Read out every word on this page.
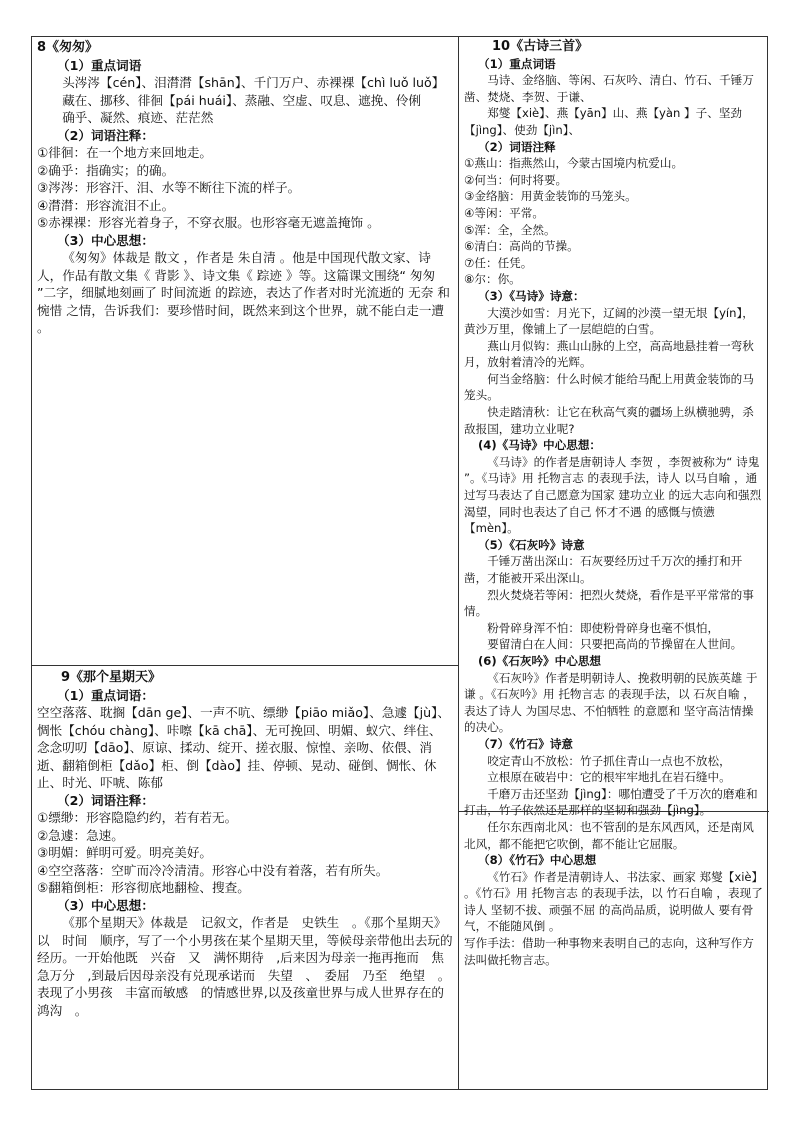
8《匆匆》
（1）重点词语
头涔涔【cén】、泪潸潸【shān】、千门万户、赤裸裸【chì luǒ luǒ】
藏在、挪移、徘徊【pái huái】、蒸融、空虚、叹息、遮挽、伶俐
确乎、凝然、痕迹、茫茫然
（2）词语注释：
①徘徊：在一个地方来回地走。
②确乎：指确实；的确。
③涔涔：形容汗、泪、水等不断往下流的样子。
④潸潸：形容流泪不止。
⑤赤裸裸：形容光着身子，不穿衣服。也形容毫无遮盖掩饰 。
（3）中心思想：
《匆匆》体裁是 散文 ，作者是 朱自清 。他是中国现代散文家、诗人，作品有散文集《 背影 》、诗文集《 踪迹 》等。这篇课文围绕“ 匆匆 ”二字，细腻地刻画了 时间流逝 的踪迹，表达了作者对时光流逝的 无奈 和 惋惜 之情，告诉我们：要珍惜时间，既然来到这个世界，就不能白走一遭 。
9《那个星期天》
（1）重点词语：
空空落落、耽搁【dān ge】、一声不吭、缥缈【piāo miǎo】、急遽【jù】、
惆怅【chóu chàng】、咔嚓【kā chā】、无可挽回、明媚、蚁穴、绊住、
念念叨叨【dāo】、原谅、揉动、绽开、搓衣服、惊惶、亲吻、依偎、消逝、翻箱倒柜【dǎo】柜、倒【dào】挂、停顿、晃动、碰倒、惆怅、休止、时光、吓唬、陈郁
（2）词语注释：
①缥缈：形容隐隐约约，若有若无。
②急遽：急速。
③明媚：鲜明可爱。明亮美好。
④空空落落：空旷而冷冷清清。形容心中没有着落，若有所失。
⑤翻箱倒柜：形容彻底地翻检、搜查。
（3）中心思想：
《那个星期天》体裁是　记叙文，作者是　史铁生　。《那个星期天》以　时间　顺序，写了一个小男孩在某个星期天里，等候母亲带他出去玩的经历。一开始他既　兴奋　又　满怀期待　,后来因为母亲一拖再拖而　焦急万分　,到最后因母亲没有兑现承诺而　失望　、　委屈　乃至　绝望　。表现了小男孩　丰富而敏感　的情感世界,以及孩童世界与成人世界存在的鸿沟　。
10《古诗三首》
（1）重点词语
马诗、金络脑、等闲、石灰吟、清白、竹石、千锤万凿、焚烧、李贺、于谦、
郑燮【xiè】、燕【yān】山、燕【yàn 】子、坚劲【jìng】、使劲【jìn】、
（2）词语注释
①燕山：指燕然山，今蒙古国境内杭爱山。
②何当：何时将要。
③金络脑：用黄金装饰的马笼头。
④等闲：平常。
⑤浑：全，全然。
⑥清白：高尚的节操。
⑦任：任凭。
⑧尔：你。
（3）《马诗》诗意：
大漠沙如雪：月光下，辽阔的沙漠一望无垠【yín】，黄沙万里，像铺上了一层皑皑的白雪。
燕山月似钩：燕山山脉的上空，高高地悬挂着一弯秋月，放射着清冷的光辉。
何当金络脑：什么时候才能给马配上用黄金装饰的马笼头。
快走踏清秋：让它在秋高气爽的疆场上纵横驰骋，杀敌报国，建功立业呢?
(4)《马诗》中心思想：
《马诗》的作者是唐朝诗人 李贺 ，李贺被称为“ 诗鬼 ”。《马诗》用 托物言志 的表现手法，诗人 以马自喻 ，通过写马表达了自己愿意为国家 建功立业 的远大志向和强烈渴望，同时也表达了自己 怀才不遇 的感慨与愤懑【mèn】。
（5）《石灰吟》诗意
千锤万凿出深山：石灰要经历过千万次的捶打和开凿，才能被开采出深山。
烈火焚烧若等闲：把烈火焚烧，看作是平平常常的事情。
粉骨碎身浑不怕：即使粉骨碎身也毫不惧怕，
要留清白在人间：只要把高尚的节操留在人世间。
(6)《石灰吟》中心思想
《石灰吟》作者是明朝诗人、挽救明朝的民族英雄 于谦 。《石灰吟》用 托物言志 的表现手法，以 石灰自喻 ，表达了诗人 为国尽忠、不怕牺牲 的意愿和 坚守高洁情操 的决心。
（7）《竹石》诗意
咬定青山不放松：竹子抓住青山一点也不放松，
立根原在破岩中：它的根牢牢地扎在岩石缝中。
千磨万击还坚劲【jìng】：哪怕遭受了千万次的磨难和打击，竹子依然还是那样的坚韧和强劲【jìng】。
任尔东西南北风：也不管刮的是东风西风，还是南风北风，都不能把它吹倒，都不能让它屈服。
（8）《竹石》中心思想
《竹石》作者是清朝诗人、书法家、画家 郑燮【xiè】 。《竹石》用 托物言志 的表现手法，以 竹石自喻 ，表现了诗人 坚韧不拔、顽强不屈 的高尚品质，说明做人 要有骨气，不能随风倒 。
写作手法：借助一种事物来表明自己的志向，这种写作方法叫做托物言志。
